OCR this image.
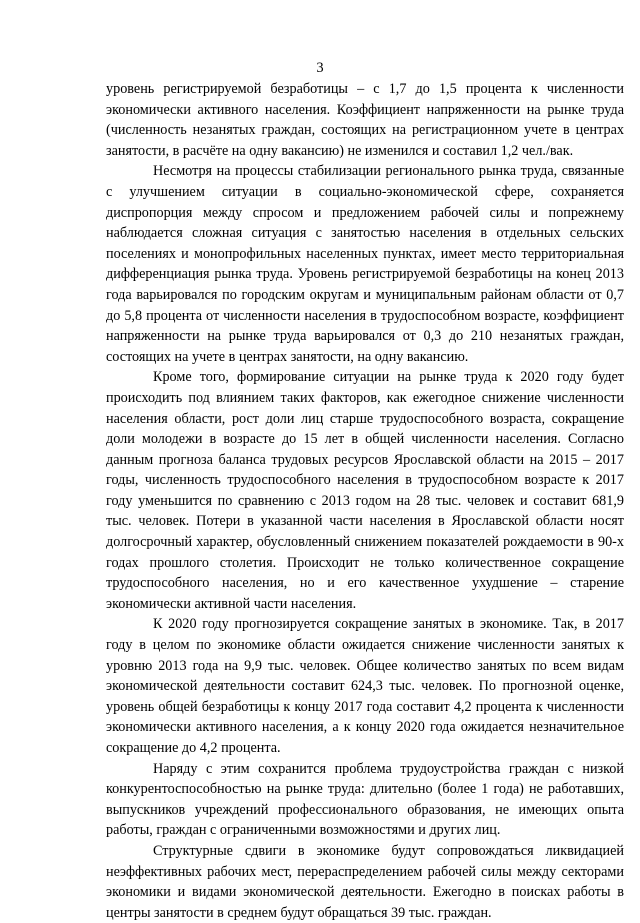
3

уровень регистрируемой безработицы – с 1,7 до 1,5 процента к численности экономически активного населения. Коэффициент напряженности на рынке труда (численность незанятых граждан, состоящих на регистрационном учете в центрах занятости, в расчёте на одну вакансию) не изменился и составил 1,2 чел./вак.

Несмотря на процессы стабилизации регионального рынка труда, связанные с улучшением ситуации в социально-экономической сфере, сохраняется диспропорция между спросом и предложением рабочей силы и попрежнему наблюдается сложная ситуация с занятостью населения в отдельных сельских поселениях и монопрофильных населенных пунктах, имеет место территориальная дифференциация рынка труда. Уровень регистрируемой безработицы на конец 2013 года варьировался по городским округам и муниципальным районам области от 0,7 до 5,8 процента от численности населения в трудоспособном возрасте, коэффициент напряженности на рынке труда варьировался от 0,3 до 210 незанятых граждан, состоящих на учете в центрах занятости, на одну вакансию.

Кроме того, формирование ситуации на рынке труда к 2020 году будет происходить под влиянием таких факторов, как ежегодное снижение численности населения области, рост доли лиц старше трудоспособного возраста, сокращение доли молодежи в возрасте до 15 лет в общей численности населения. Согласно данным прогноза баланса трудовых ресурсов Ярославской области на 2015 – 2017 годы, численность трудоспособного населения в трудоспособном возрасте к 2017 году уменьшится по сравнению с 2013 годом на 28 тыс. человек и составит 681,9 тыс. человек. Потери в указанной части населения в Ярославской области носят долгосрочный характер, обусловленный снижением показателей рождаемости в 90-х годах прошлого столетия. Происходит не только количественное сокращение трудоспособного населения, но и его качественное ухудшение – старение экономически активной части населения.

К 2020 году прогнозируется сокращение занятых в экономике. Так, в 2017 году в целом по экономике области ожидается снижение численности занятых к уровню 2013 года на 9,9 тыс. человек. Общее количество занятых по всем видам экономической деятельности составит 624,3 тыс. человек. По прогнозной оценке, уровень общей безработицы к концу 2017 года составит 4,2 процента к численности экономически активного населения, а к концу 2020 года ожидается незначительное сокращение до 4,2 процента.

Наряду с этим сохранится проблема трудоустройства граждан с низкой конкурентоспособностью на рынке труда: длительно (более 1 года) не работавших, выпускников учреждений профессионального образования, не имеющих опыта работы, граждан с ограниченными возможностями и других лиц.

Структурные сдвиги в экономике будут сопровождаться ликвидацией неэффективных рабочих мест, перераспределением рабочей силы между секторами экономики и видами экономической деятельности. Ежегодно в поисках работы в центры занятости в среднем будут обращаться 39 тыс. граждан.
